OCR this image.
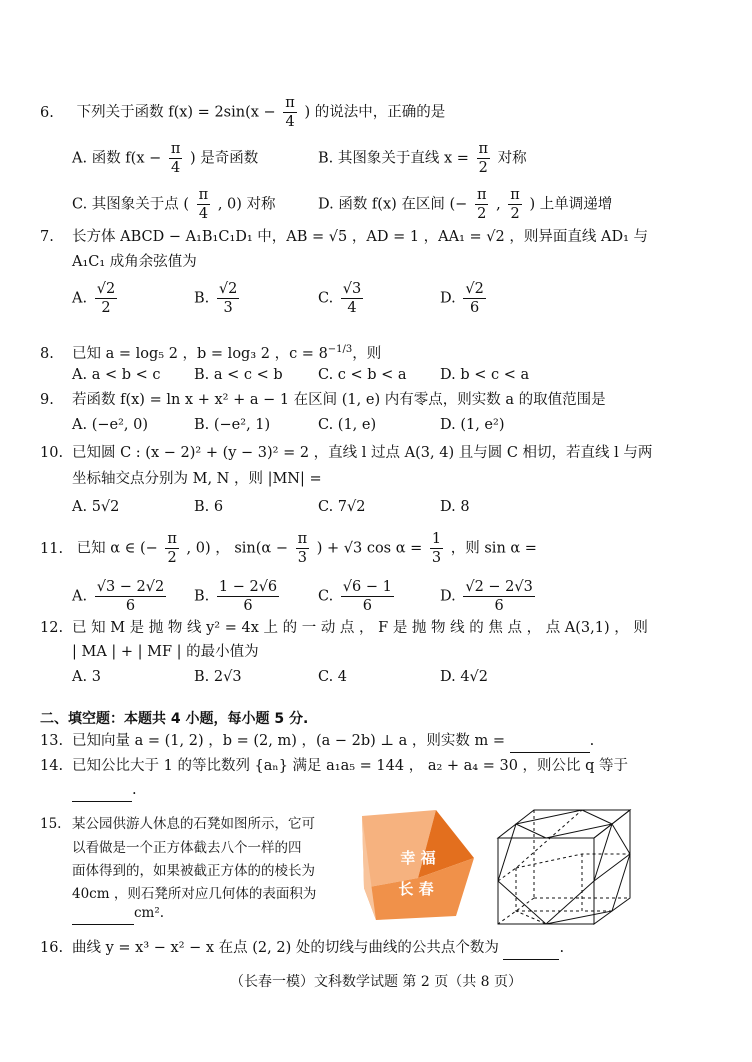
6. 下列关于函数 $f(x) = 2\sin(x - \frac{\pi}{4}$ ) 的说法中，正确的是
A. 函数 $f(x - \frac{\pi}{4}$ ) 是奇函数	B. 其图象关于直线 $x = \frac{\pi}{2}$ 对称
C. 其图象关于点 ( $\frac{\pi}{4}$ , 0) 对称	D. 函数 f(x) 在区间 (− $\frac{\pi}{2}$ , $\frac{\pi}{2}$ ) 上单调递增
7. 长方体 ABCD − A₁B₁C₁D₁ 中，AB = √5 ，AD = 1 ，AA₁ = √2 ，则异面直线 AD₁ 与
A₁C₁ 成角余弦值为
A. $\frac{√2}{2}$	B. $\frac{√2}{3}$	C. $\frac{√3}{4}$	D. $\frac{√2}{6}$
8. 已知 a = log₅ 2 ，b = log₃ 2 ，$c = 8^{-1/3}$，则
A. a < b < c B. a < c < b C. c < b < a D. b < c < a
9. 若函数 f(x) = ln x + x² + a − 1 在区间 (1, e) 内有零点，则实数 a 的取值范围是
A. (−e², 0)	B. (−e², 1)	C. (1, e)	D. (1, e²)
10. 已知圆 C : (x − 2)² + (y − 3)² = 2 ，直线 l 过点 A(3, 4) 且与圆 C 相切，若直线 l 与两
坐标轴交点分别为 M, N ，则 |MN| =
A. 5√2	B. 6	C. 7√2	D. 8
11. 已知 α ∈ (− $\frac{\pi}{2}$ , 0) ， $\sin(\alpha - \frac{\pi}{3}$ ) + √3 $\cos \alpha = \frac{1}{3}$ ，则 sin α =
A. $\frac{√3 - 2√2}{6} B$. $\frac{1 - 2√6}{6}$	C. $\frac{√6 - 1}{6}$	D. $\frac{√2 - 2√3}{6}$
12. 已 知 M 是 抛 物 线 y² = 4x 上 的 一 动 点 ， F 是 抛 物 线 的 焦 点 ， 点 A(3,1) ， 则
| MA | + | MF | 的最小值为
A. 3	B. 2√3	C. 4	D. 4√2
二、填空题：本题共 4 小题，每小题 5 分.
13. 已知向量 a = (1, 2) ，b = (2, m) ，(a − 2b) ⊥ a ，则实数 m =	.
14. 已知公比大于 1 的等比数列 {aₙ} 满足 a₁a₅ = 144 ， a₂ + a₄ = 30 ，则公比 q 等于
.
15. 某公园供游人休息的石凳如图所示，它可
以看做是一个正方体截去八个一样的四
面体得到的，如果被截正方体的的棱长为
40cm ，则石凳所对应几何体的表面积为
cm².
幸 福
长 春
16. 曲线 y = x³ − x² − x 在点 (2, 2) 处的切线与曲线的公共点个数为	.
（长春一模）文科数学试题 第 2 页（共 8 页）
